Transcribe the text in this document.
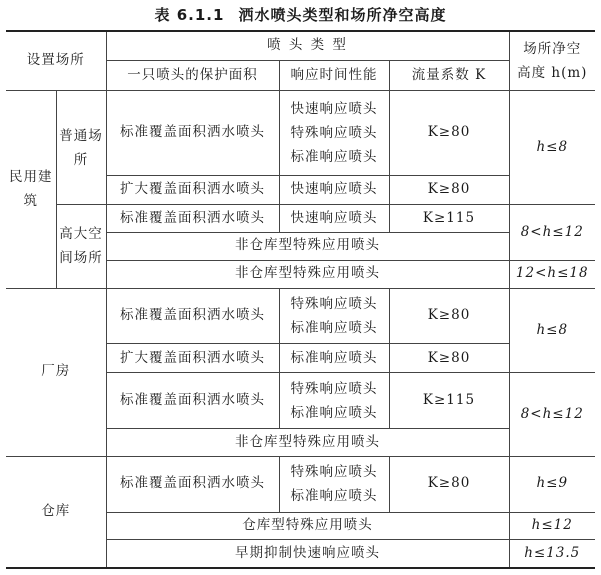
表 6.1.1 洒水喷头类型和场所净空高度
设置场所		喷 头 类 型			场所净空
高度 h(m)

		一只喷头的保护面积	响应时间性能	流量系数 K	
民用建筑	普通场所	标准覆盖面积洒水喷头	快速响应喷头
特殊响应喷头
标准响应喷头	K≥80	h≤8
		扩大覆盖面积洒水喷头	快速响应喷头	K≥80	
	高大空间场所	标准覆盖面积洒水喷头	快速响应喷头	K≥115	8<h≤12
		非仓库型特殊应用喷头			
		非仓库型特殊应用喷头			12<h≤18
厂房		标准覆盖面积洒水喷头	特殊响应喷头
标准响应喷头	K≥80	h≤8
		扩大覆盖面积洒水喷头	标准响应喷头	K≥80	
		标准覆盖面积洒水喷头	特殊响应喷头
标准响应喷头	K≥115	8<h≤12
		非仓库型特殊应用喷头			
仓库		标准覆盖面积洒水喷头	特殊响应喷头
标准响应喷头	K≥80	h≤9
		仓库型特殊应用喷头			h≤12
		早期抑制快速响应喷头			h≤13.5
